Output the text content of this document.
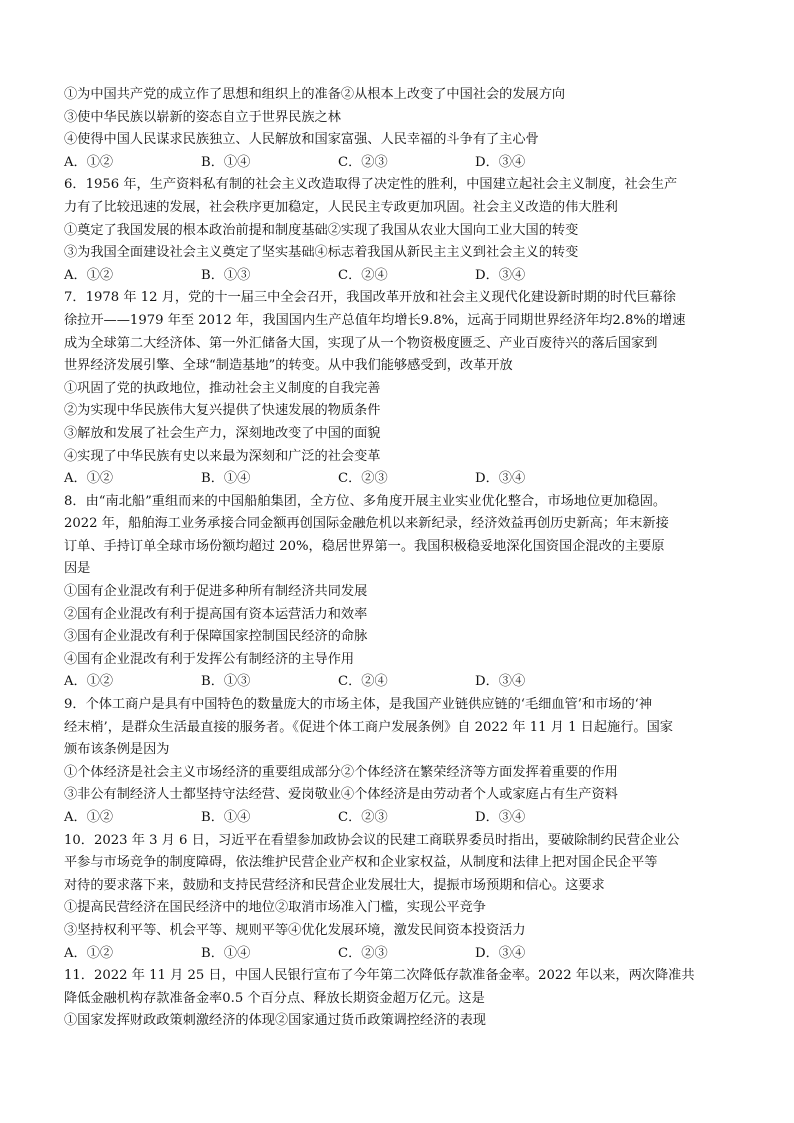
①为中国共产党的成立作了思想和组织上的准备②从根本上改变了中国社会的发展方向
③使中华民族以崭新的姿态自立于世界民族之林
④使得中国人民谋求民族独立、人民解放和国家富强、人民幸福的斗争有了主心骨
A．①②	B．①④	C．②③	D．③④
6．1956 年，生产资料私有制的社会主义改造取得了决定性的胜利，中国建立起社会主义制度，社会生产
力有了比较迅速的发展，社会秩序更加稳定，人民民主专政更加巩固。社会主义改造的伟大胜利
①奠定了我国发展的根本政治前提和制度基础②实现了我国从农业大国向工业大国的转变
③为我国全面建设社会主义奠定了坚实基础④标志着我国从新民主主义到社会主义的转变
A．①②	B．①③	C．②④	D．③④
7．1978 年 12 月，党的十一届三中全会召开，我国改革开放和社会主义现代化建设新时期的时代巨幕徐
徐拉开——1979 年至 2012 年，我国国内生产总值年均增长9.8%，远高于同期世界经济年均2.8%的增速
成为全球第二大经济体、第一外汇储备大国，实现了从一个物资极度匮乏、产业百废待兴的落后国家到
世界经济发展引擎、全球“制造基地”的转变。从中我们能够感受到，改革开放
①巩固了党的执政地位，推动社会主义制度的自我完善
②为实现中华民族伟大复兴提供了快速发展的物质条件
③解放和发展了社会生产力，深刻地改变了中国的面貌
④实现了中华民族有史以来最为深刻和广泛的社会变革
A．①②	B．①④	C．②③	D．③④
8．由“南北船”重组而来的中国船舶集团，全方位、多角度开展主业实业优化整合，市场地位更加稳固。
2022 年，船舶海工业务承接合同金额再创国际金融危机以来新纪录，经济效益再创历史新高；年末新接
订单、手持订单全球市场份额均超过 20%，稳居世界第一。我国积极稳妥地深化国资国企混改的主要原
因是
①国有企业混改有利于促进多种所有制经济共同发展
②国有企业混改有利于提高国有资本运营活力和效率
③国有企业混改有利于保障国家控制国民经济的命脉
④国有企业混改有利于发挥公有制经济的主导作用
A．①②	B．①③	C．②④	D．③④
9．个体工商户是具有中国特色的数量庞大的市场主体，是我国产业链供应链的‘毛细血管’和市场的‘神
经末梢’，是群众生活最直接的服务者。《促进个体工商户发展条例》自 2022 年 11 月 1 日起施行。国家
颁布该条例是因为
①个体经济是社会主义市场经济的重要组成部分②个体经济在繁荣经济等方面发挥着重要的作用
③非公有制经济人士都坚持守法经营、爱岗敬业④个体经济是由劳动者个人或家庭占有生产资料
A．①②	B．①④	C．②③	D．③④
10．2023 年 3 月 6 日，习近平在看望参加政协会议的民建工商联界委员时指出，要破除制约民营企业公
平参与市场竞争的制度障碍，依法维护民营企业产权和企业家权益，从制度和法律上把对国企民企平等
对待的要求落下来，鼓励和支持民营经济和民营企业发展壮大，提振市场预期和信心。这要求
①提高民营经济在国民经济中的地位②取消市场准入门槛，实现公平竞争
③坚持权利平等、机会平等、规则平等④优化发展环境，激发民间资本投资活力
A．①②	B．①④	C．②③	D．③④
11．2022 年 11 月 25 日，中国人民银行宣布了今年第二次降低存款准备金率。2022 年以来，两次降准共
降低金融机构存款准备金率0.5 个百分点、释放长期资金超万亿元。这是
①国家发挥财政政策刺激经济的体现②国家通过货币政策调控经济的表现
